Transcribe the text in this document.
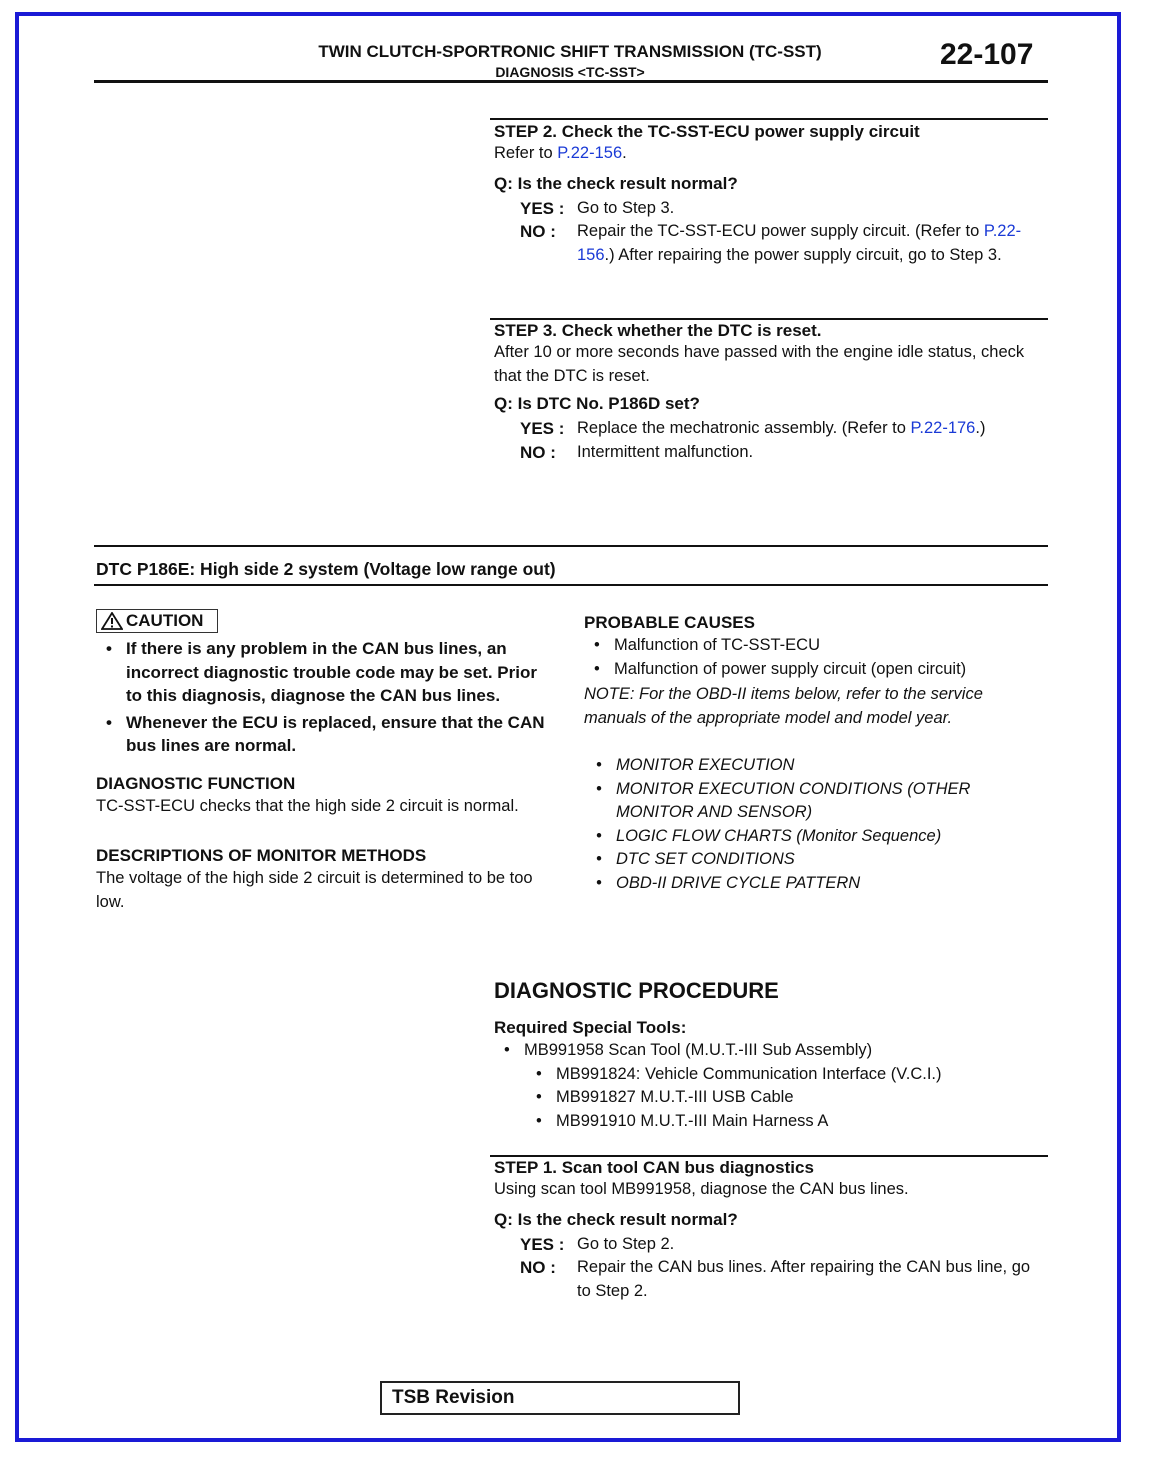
TWIN CLUTCH-SPORTRONIC SHIFT TRANSMISSION (TC-SST)
DIAGNOSIS <TC-SST>
22-107
STEP 2. Check the TC-SST-ECU power supply circuit
Refer to P.22-156.
Q: Is the check result normal?
YES : Go to Step 3.
NO :	Repair the TC-SST-ECU power supply circuit. (Refer to P.22-156.) After repairing the power supply circuit, go to Step 3.
STEP 3. Check whether the DTC is reset.
After 10 or more seconds have passed with the engine idle status, check that the DTC is reset.
Q: Is DTC No. P186D set?
YES : Replace the mechatronic assembly. (Refer to P.22-176.)
NO :	Intermittent malfunction.
DTC P186E: High side 2 system (Voltage low range out)
CAUTION
• If there is any problem in the CAN bus lines, an incorrect diagnostic trouble code may be set. Prior to this diagnosis, diagnose the CAN bus lines.
• Whenever the ECU is replaced, ensure that the CAN bus lines are normal.
DIAGNOSTIC FUNCTION
TC-SST-ECU checks that the high side 2 circuit is normal.
DESCRIPTIONS OF MONITOR METHODS
The voltage of the high side 2 circuit is determined to be too low.
PROBABLE CAUSES
• Malfunction of TC-SST-ECU
• Malfunction of power supply circuit (open circuit)
NOTE: For the OBD-II items below, refer to the service manuals of the appropriate model and model year.
• MONITOR EXECUTION
• MONITOR EXECUTION CONDITIONS (OTHER MONITOR AND SENSOR)
• LOGIC FLOW CHARTS (Monitor Sequence)
• DTC SET CONDITIONS
• OBD-II DRIVE CYCLE PATTERN
DIAGNOSTIC PROCEDURE
Required Special Tools:
• MB991958 Scan Tool (M.U.T.-III Sub Assembly)
• MB991824: Vehicle Communication Interface (V.C.I.)
• MB991827 M.U.T.-III USB Cable
• MB991910 M.U.T.-III Main Harness A
STEP 1. Scan tool CAN bus diagnostics
Using scan tool MB991958, diagnose the CAN bus lines.
Q: Is the check result normal?
YES : Go to Step 2.
NO :	Repair the CAN bus lines. After repairing the CAN bus line, go to Step 2.
TSB Revision
